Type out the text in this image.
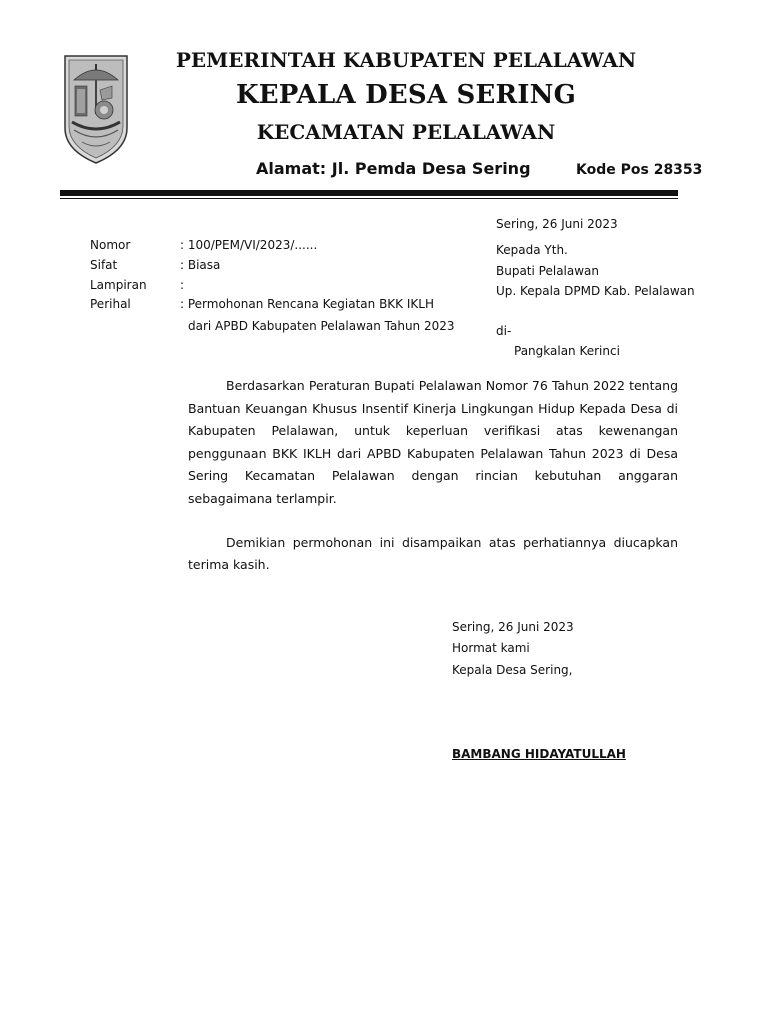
PEMERINTAH KABUPATEN PELALAWAN
KEPALA DESA SERING
KECAMATAN PELALAWAN
Alamat: Jl. Pemda Desa Sering	Kode Pos 28353
Sering, 26 Juni 2023
Nomor	: 100/PEM/VI/2023/......
Sifat	: Biasa
Lampiran	:
Perihal	: Permohonan Rencana Kegiatan BKK IKLH
dari APBD Kabupaten Pelalawan Tahun 2023
Kepada Yth.
Bupati Pelalawan
Up. Kepala DPMD Kab. Pelalawan
di-
Pangkalan Kerinci

Berdasarkan Peraturan Bupati Pelalawan Nomor 76 Tahun 2022 tentang Bantuan Keuangan Khusus Insentif Kinerja Lingkungan Hidup Kepada Desa di Kabupaten Pelalawan, untuk keperluan verifikasi atas kewenangan penggunaan BKK IKLH dari APBD Kabupaten Pelalawan Tahun 2023 di Desa Sering Kecamatan Pelalawan dengan rincian kebutuhan anggaran sebagaimana terlampir.

Demikian permohonan ini disampaikan atas perhatiannya diucapkan terima kasih.

Sering, 26 Juni 2023
Hormat kami
Kepala Desa Sering,
BAMBANG HIDAYATULLAH
